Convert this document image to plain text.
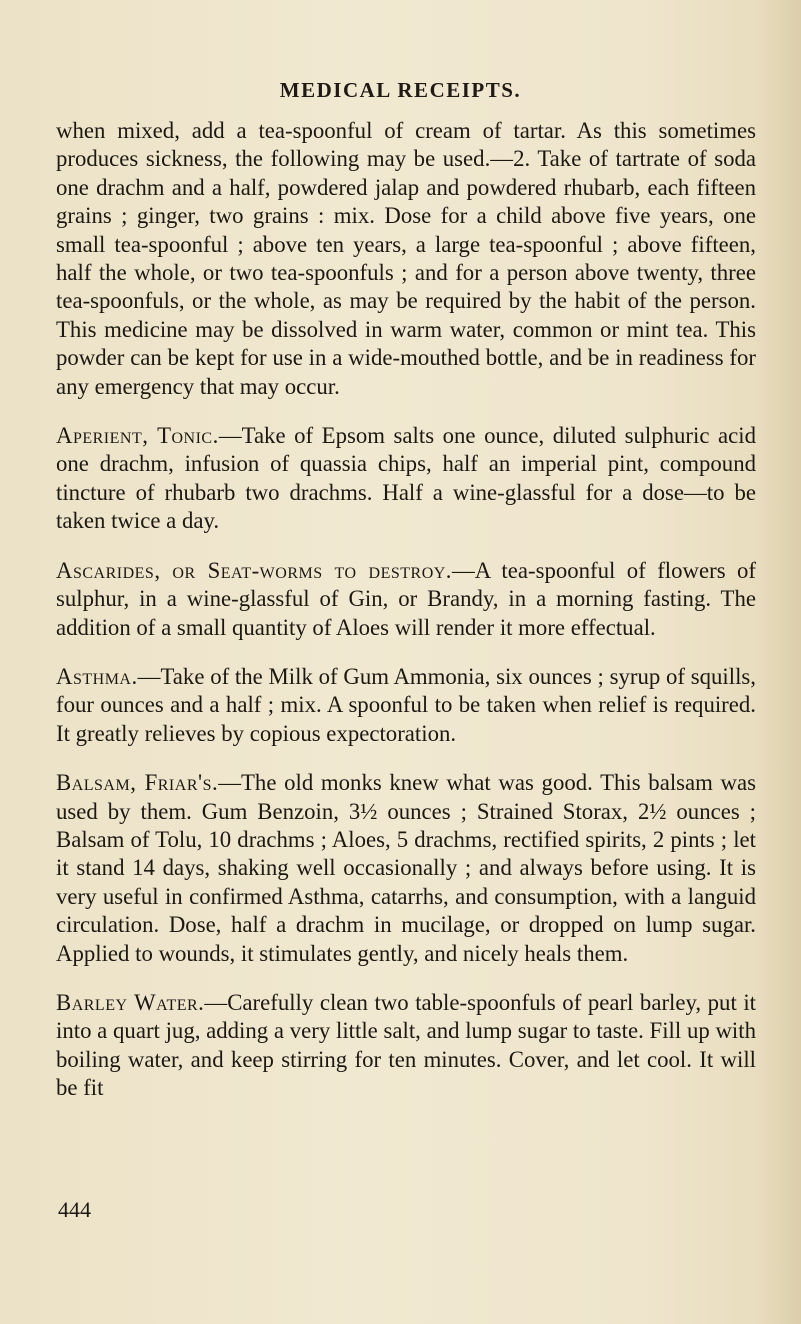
MEDICAL RECEIPTS.

when mixed, add a tea-spoonful of cream of tartar. As this sometimes produces sickness, the following may be used.—2. Take of tartrate of soda one drachm and a half, powdered jalap and powdered rhubarb, each fifteen grains ; ginger, two grains : mix. Dose for a child above five years, one small tea-spoonful ; above ten years, a large tea-spoonful ; above fifteen, half the whole, or two tea-spoonfuls ; and for a person above twenty, three tea-spoonfuls, or the whole, as may be required by the habit of the person. This medicine may be dissolved in warm water, common or mint tea. This powder can be kept for use in a wide-mouthed bottle, and be in readiness for any emergency that may occur.

Aperient, Tonic.—Take of Epsom salts one ounce, diluted sulphuric acid one drachm, infusion of quassia chips, half an imperial pint, compound tincture of rhubarb two drachms. Half a wine-glassful for a dose—to be taken twice a day.

Ascarides, or Seat-worms to destroy.—A tea-spoonful of flowers of sulphur, in a wine-glassful of Gin, or Brandy, in a morning fasting. The addition of a small quantity of Aloes will render it more effectual.

Asthma.—Take of the Milk of Gum Ammonia, six ounces ; syrup of squills, four ounces and a half ; mix. A spoonful to be taken when relief is required. It greatly relieves by copious expectoration.

Balsam, Friar's.—The old monks knew what was good. This balsam was used by them. Gum Benzoin, 3½ ounces ; Strained Storax, 2½ ounces ; Balsam of Tolu, 10 drachms ; Aloes, 5 drachms, rectified spirits, 2 pints ; let it stand 14 days, shaking well occasionally ; and always before using. It is very useful in confirmed Asthma, catarrhs, and consumption, with a languid circulation. Dose, half a drachm in mucilage, or dropped on lump sugar. Applied to wounds, it stimulates gently, and nicely heals them.

Barley Water.—Carefully clean two table-spoonfuls of pearl barley, put it into a quart jug, adding a very little salt, and lump sugar to taste. Fill up with boiling water, and keep stirring for ten minutes. Cover, and let cool. It will be fit

444
